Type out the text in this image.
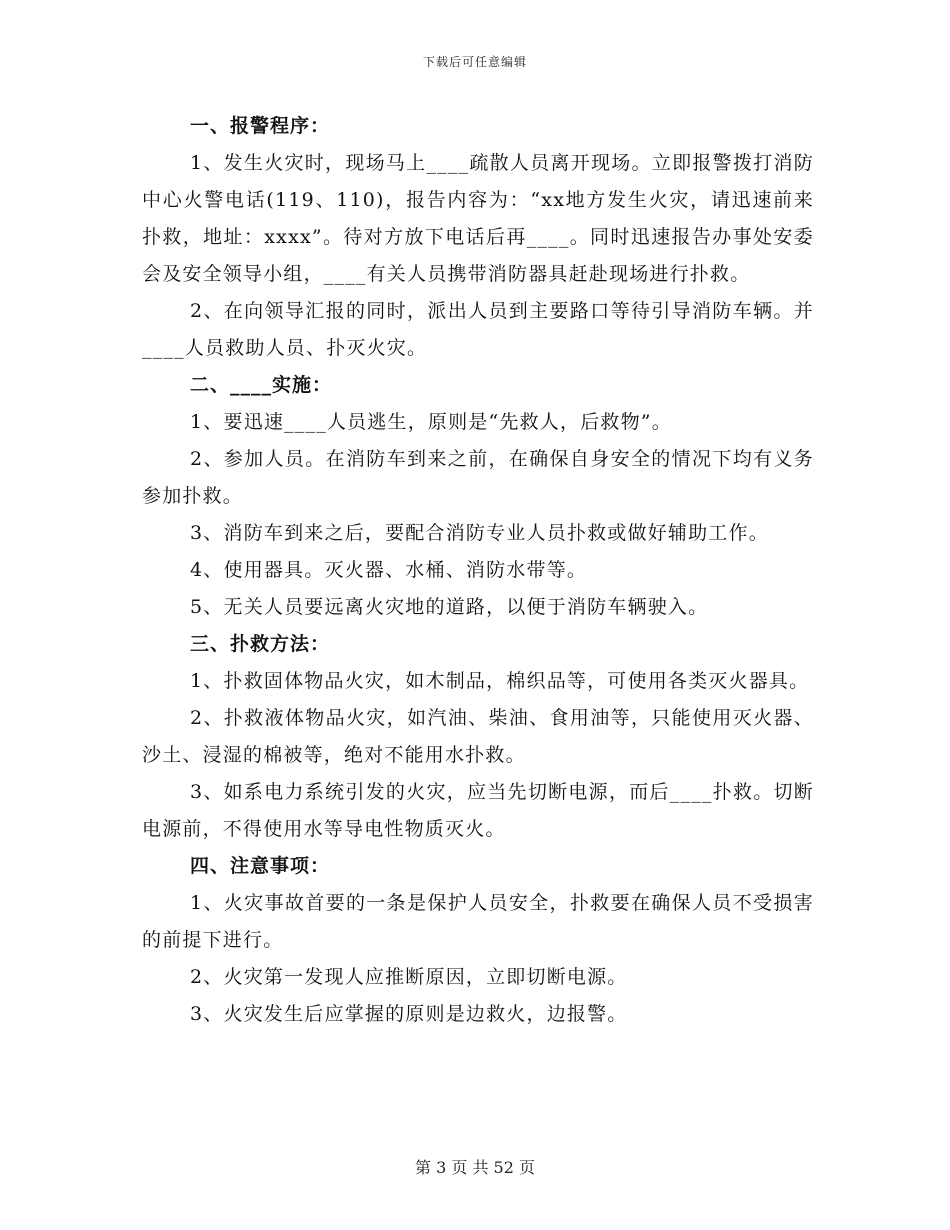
下载后可任意编辑
一、报警程序：

1、发生火灾时，现场马上____疏散人员离开现场。立即报警拨打消防中心火警电话(119、110)，报告内容为：“xx地方发生火灾，请迅速前来扑救，地址：xxxx”。待对方放下电话后再____。同时迅速报告办事处安委会及安全领导小组，____有关人员携带消防器具赶赴现场进行扑救。

2、在向领导汇报的同时，派出人员到主要路口等待引导消防车辆。并____人员救助人员、扑灭火灾。

二、____实施：

1、要迅速____人员逃生，原则是“先救人，后救物”。

2、参加人员。在消防车到来之前，在确保自身安全的情况下均有义务参加扑救。

3、消防车到来之后，要配合消防专业人员扑救或做好辅助工作。

4、使用器具。灭火器、水桶、消防水带等。

5、无关人员要远离火灾地的道路，以便于消防车辆驶入。

三、扑救方法：

1、扑救固体物品火灾，如木制品，棉织品等，可使用各类灭火器具。

2、扑救液体物品火灾，如汽油、柴油、食用油等，只能使用灭火器、沙土、浸湿的棉被等，绝对不能用水扑救。

3、如系电力系统引发的火灾，应当先切断电源，而后____扑救。切断电源前，不得使用水等导电性物质灭火。

四、注意事项：

1、火灾事故首要的一条是保护人员安全，扑救要在确保人员不受损害的前提下进行。

2、火灾第一发现人应推断原因，立即切断电源。

3、火灾发生后应掌握的原则是边救火，边报警。

第 3 页 共 52 页
